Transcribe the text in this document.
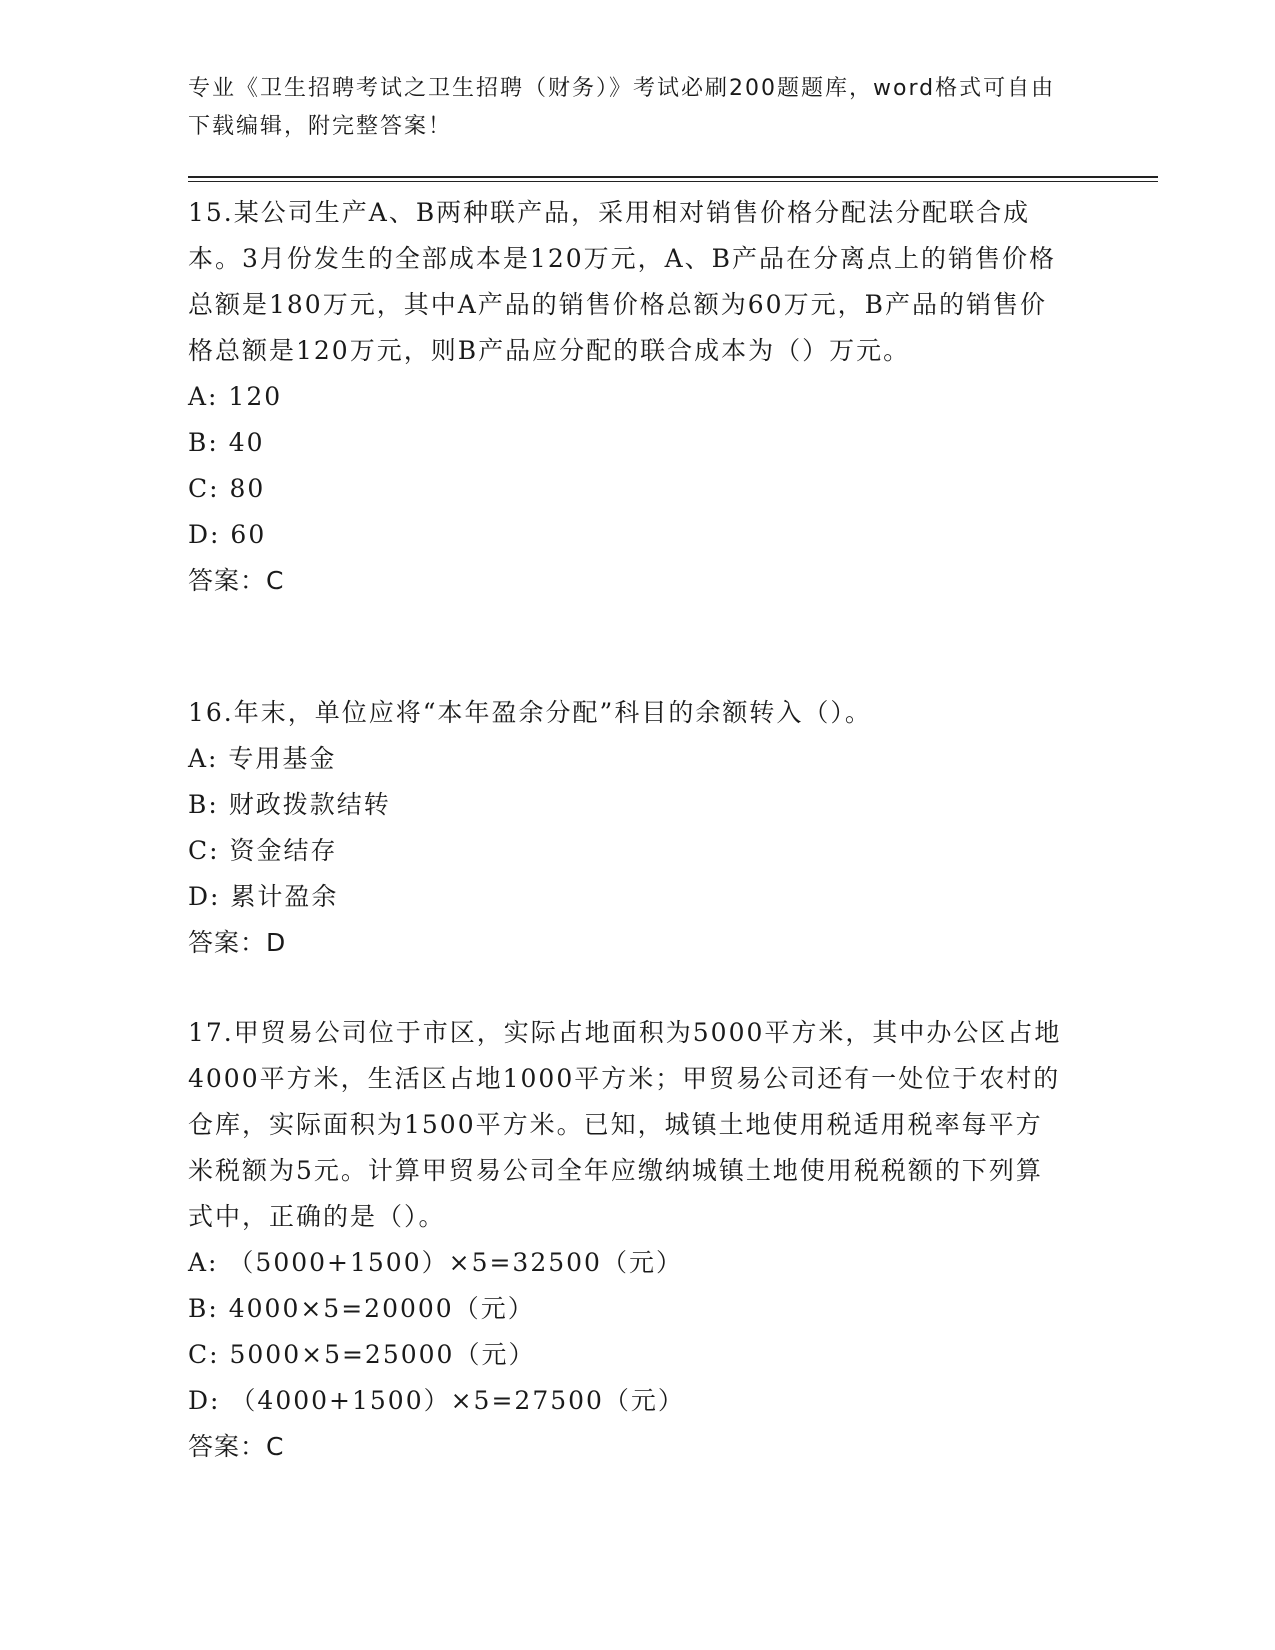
专业《卫生招聘考试之卫生招聘（财务）》考试必刷200题题库，word格式可自由下载编辑，附完整答案！
15.某公司生产A、B两种联产品，采用相对销售价格分配法分配联合成本。3月份发生的全部成本是120万元，A、B产品在分离点上的销售价格总额是180万元，其中A产品的销售价格总额为60万元，B产品的销售价格总额是120万元，则B产品应分配的联合成本为（）万元。
A: 120
B: 40
C: 80
D: 60
答案：C
16.年末，单位应将“本年盈余分配”科目的余额转入（）。
A: 专用基金
B: 财政拨款结转
C: 资金结存
D: 累计盈余
答案：D
17.甲贸易公司位于市区，实际占地面积为5000平方米，其中办公区占地4000平方米，生活区占地1000平方米；甲贸易公司还有一处位于农村的仓库，实际面积为1500平方米。已知，城镇土地使用税适用税率每平方米税额为5元。计算甲贸易公司全年应缴纳城镇土地使用税税额的下列算式中，正确的是（）。
A: （5000+1500）×5=32500（元）
B: 4000×5=20000（元）
C: 5000×5=25000（元）
D: （4000+1500）×5=27500（元）
答案：C
